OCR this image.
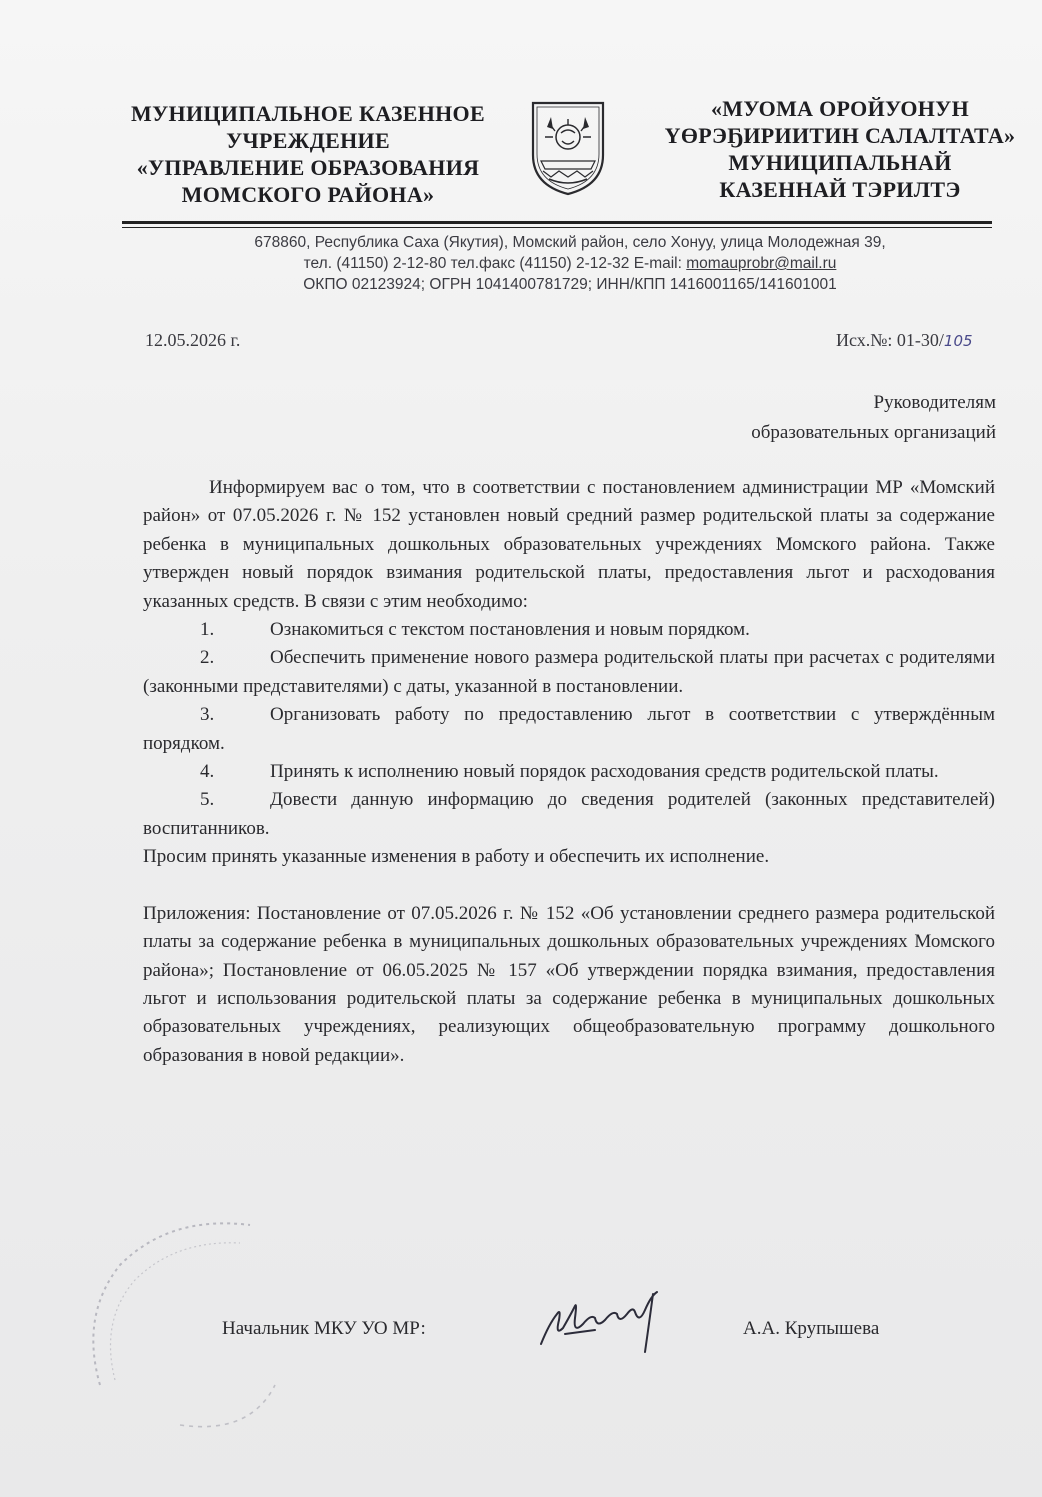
МУНИЦИПАЛЬНОЕ КАЗЕННОЕ
УЧРЕЖДЕНИЕ
«УПРАВЛЕНИЕ ОБРАЗОВАНИЯ
МОМСКОГО РАЙОНА»
«МУОМА ОРОЙУОНУН
ҮӨРЭҔИРИИТИН САЛАЛТАТА»
МУНИЦИПАЛЬНАЙ
КАЗЕННАЙ ТЭРИЛТЭ
678860, Республика Саха (Якутия), Момский район, село Хонуу, улица Молодежная 39,
тел. (41150) 2-12-80 тел.факс (41150) 2-12-32 E-mail: momauprobr@mail.ru
ОКПО 02123924; ОГРН 1041400781729; ИНН/КПП 1416001165/141601001
12.05.2026 г.	Исх.№: 01-30/105
Руководителям
образовательных организаций

Информируем вас о том, что в соответствии с постановлением администрации МР «Момский район» от 07.05.2026 г. № 152 установлен новый средний размер родительской платы за содержание ребенка в муниципальных дошкольных образовательных учреждениях Момского района. Также утвержден новый порядок взимания родительской платы, предоставления льгот и расходования указанных средств. В связи с этим необходимо:

1.	Ознакомиться с текстом постановления и новым порядком.

2.	Обеспечить применение нового размера родительской платы при расчетах с родителями (законными представителями) с даты, указанной в постановлении.

3.	Организовать работу по предоставлению льгот в соответствии с утверждённым порядком.

4.	Принять к исполнению новый порядок расходования средств родительской платы.

5.	Довести данную информацию до сведения родителей (законных представителей) воспитанников.

Просим принять указанные изменения в работу и обеспечить их исполнение.

Приложения: Постановление от 07.05.2026 г. № 152 «Об установлении среднего размера родительской платы за содержание ребенка в муниципальных дошкольных образовательных учреждениях Момского района»; Постановление от 06.05.2025 № 157 «Об утверждении порядка взимания, предоставления льгот и использования родительской платы за содержание ребенка в муниципальных дошкольных образовательных учреждениях, реализующих общеобразовательную программу дошкольного образования в новой редакции».

Начальник МКУ УО МР:	А.А. Крупышева
